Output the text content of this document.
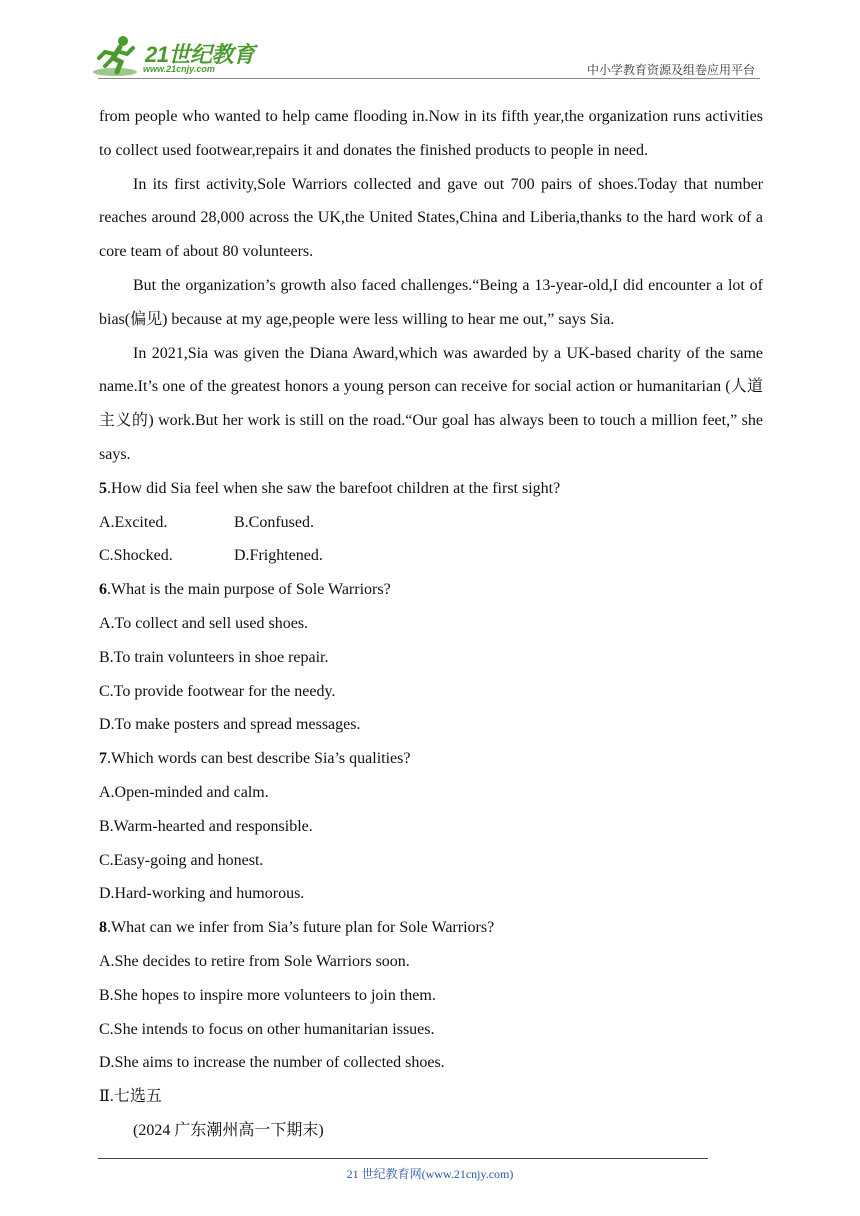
21世纪教育
www.21cnjy.com	中小学教育资源及组卷应用平台

from people who wanted to help came flooding in.Now in its fifth year,the organization runs activities to collect used footwear,repairs it and donates the finished products to people in need.

In its first activity,Sole Warriors collected and gave out 700 pairs of shoes.Today that number reaches around 28,000 across the UK,the United States,China and Liberia,thanks to the hard work of a core team of about 80 volunteers.

But the organization’s growth also faced challenges.“Being a 13-year-old,I did encounter a lot of bias(偏见) because at my age,people were less willing to hear me out,” says Sia.

In 2021,Sia was given the Diana Award,which was awarded by a UK-based charity of the same name.It’s one of the greatest honors a young person can receive for social action or humanitarian (人道主义的) work.But her work is still on the road.“Our goal has always been to touch a million feet,” she says.

5.How did Sia feel when she saw the barefoot children at the first sight?

A.Excited.	B.Confused.
C.Shocked.	D.Frightened.

6.What is the main purpose of Sole Warriors?

A.To collect and sell used shoes.

B.To train volunteers in shoe repair.

C.To provide footwear for the needy.

D.To make posters and spread messages.

7.Which words can best describe Sia’s qualities?

A.Open-minded and calm.

B.Warm-hearted and responsible.

C.Easy-going and honest.

D.Hard-working and humorous.

8.What can we infer from Sia’s future plan for Sole Warriors?

A.She decides to retire from Sole Warriors soon.

B.She hopes to inspire more volunteers to join them.

C.She intends to focus on other humanitarian issues.

D.She aims to increase the number of collected shoes.

Ⅱ.七选五

(2024 广东潮州高一下期末)

21 世纪教育网(www.21cnjy.com)
